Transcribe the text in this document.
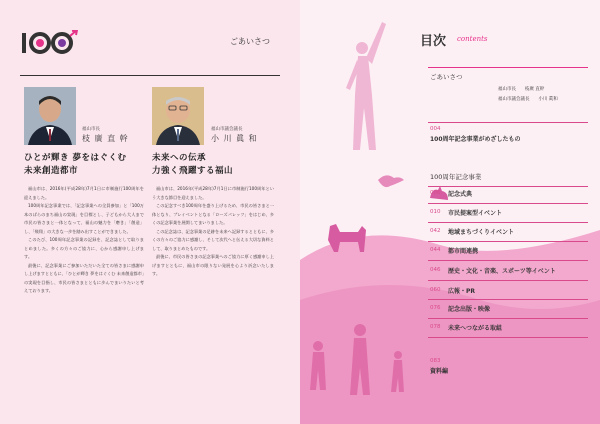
ごあいさつ
福山市長
枝 廣 直 幹
ひとが輝き 夢をはぐくむ
未来創造都市

福山市は、2016年(平成28年)7月1日に市制施行100周年を迎えました。

100周年記念事業では、「記念事業への全員参加」と「100万本のばらのまち福山の実現」を目標とし、子どもから大人まで市民の皆さまと一体となって、福山の魅力を「磨き」「創造」し、「飛翔」の大きな一歩を踏み出すことができました。

このたび、100周年記念事業の記録を、記念誌として取りまとめました。多くの方々のご協力に、心から感謝申し上げます。

最後に、記念事業にご参加いただいた全ての皆さまに感謝申し上げますとともに、「ひとが輝き 夢をはぐくむ 未来創造都市」の実現を目指し、市民の皆さまとともに歩んでまいりたいと考えております。

福山市議会議長
小 川 眞 和
未来への伝承
力強く飛躍する福山

福山市は、2016年(平成28年)7月1日に市制施行100周年という大きな節目を迎えました。

この記念すべき100周年を盛り上げるため、市民の皆さまと一体となり、プレイベントとなる「ローズパレッツ」をはじめ、多くの記念事業を展開してまいりました。

この記念誌は、記念事業の足跡を未来へ記録するとともに、多くの方々のご協力に感謝し、そして次代へと伝える大切な資料として、取りまとめたものです。

最後に、市民の皆さまの記念事業へのご協力に厚く感謝申し上げますとともに、福山市の限りない発展を心より祈念いたします。

目次 contents
ごあいさつ
福山市長 枝廣 直幹
福山市議会議長 小川 眞和
004
100周年記念事業がめざしたもの
100周年記念事業
006 記念式典
010 市民提案型イベント
042 地域まちづくりイベント
044 都市間連携
046 歴史・文化・音楽、スポーツ等イベント
060 広報・PR
076 記念出版・映像
078 未来へつながる取組
083
資料編
